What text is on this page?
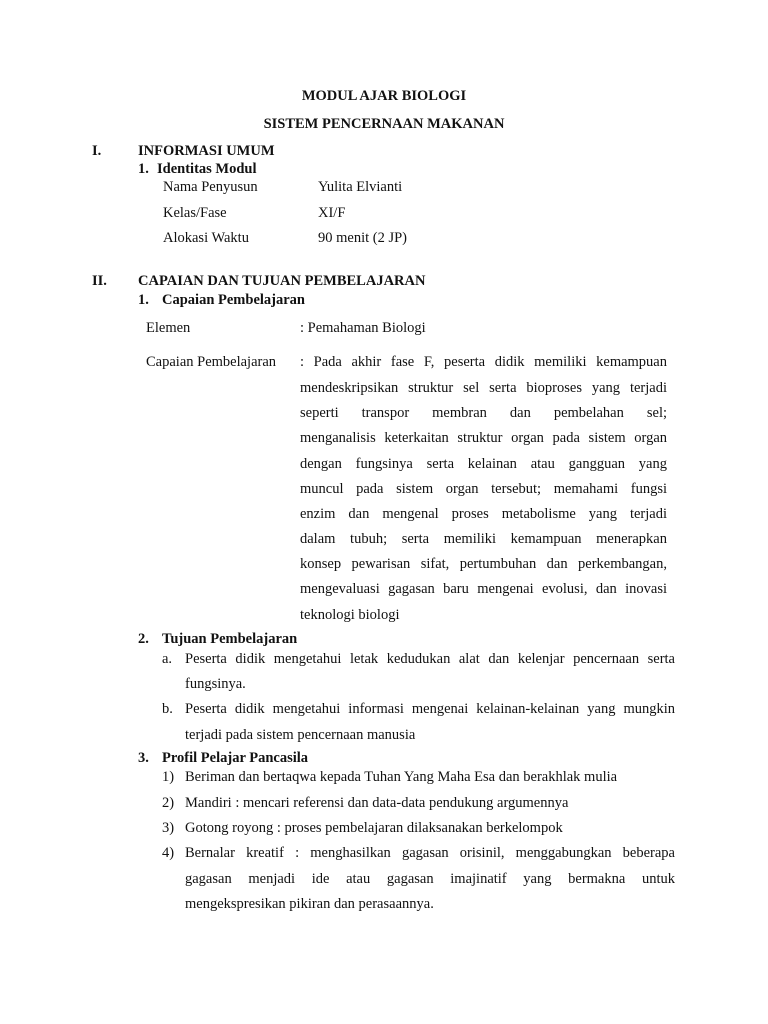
MODUL AJAR BIOLOGI
SISTEM PENCERNAAN MAKANAN
I.	INFORMASI UMUM
1. Identitas Modul
Nama Penyusun	Yulita Elvianti
Kelas/Fase	XI/F
Alokasi Waktu	90 menit (2 JP)
II. CAPAIAN DAN TUJUAN PEMBELAJARAN
1. Capaian Pembelajaran
Elemen	: Pemahaman Biologi
Capaian Pembelajaran : Pada akhir fase F, peserta didik memiliki kemampuan
mendeskripsikan struktur sel serta bioproses yang terjadi
seperti transpor membran dan pembelahan sel;
menganalisis keterkaitan struktur organ pada sistem organ
dengan fungsinya serta kelainan atau gangguan yang
muncul pada sistem organ tersebut; memahami fungsi
enzim dan mengenal proses metabolisme yang terjadi
dalam tubuh; serta memiliki kemampuan menerapkan
konsep pewarisan sifat, pertumbuhan dan perkembangan,
mengevaluasi gagasan baru mengenai evolusi, dan inovasi
teknologi biologi
2. Tujuan Pembelajaran
a. Peserta didik mengetahui letak kedudukan alat dan kelenjar pencernaan serta
fungsinya.
b. Peserta didik mengetahui informasi mengenai kelainan-kelainan yang mungkin
terjadi pada sistem pencernaan manusia
3. Profil Pelajar Pancasila
1) Beriman dan bertaqwa kepada Tuhan Yang Maha Esa dan berakhlak mulia
2) Mandiri : mencari referensi dan data-data pendukung argumennya
3) Gotong royong : proses pembelajaran dilaksanakan berkelompok
4) Bernalar kreatif : menghasilkan gagasan orisinil, menggabungkan beberapa
gagasan menjadi ide atau gagasan imajinatif yang bermakna untuk
mengekspresikan pikiran dan perasaannya.
